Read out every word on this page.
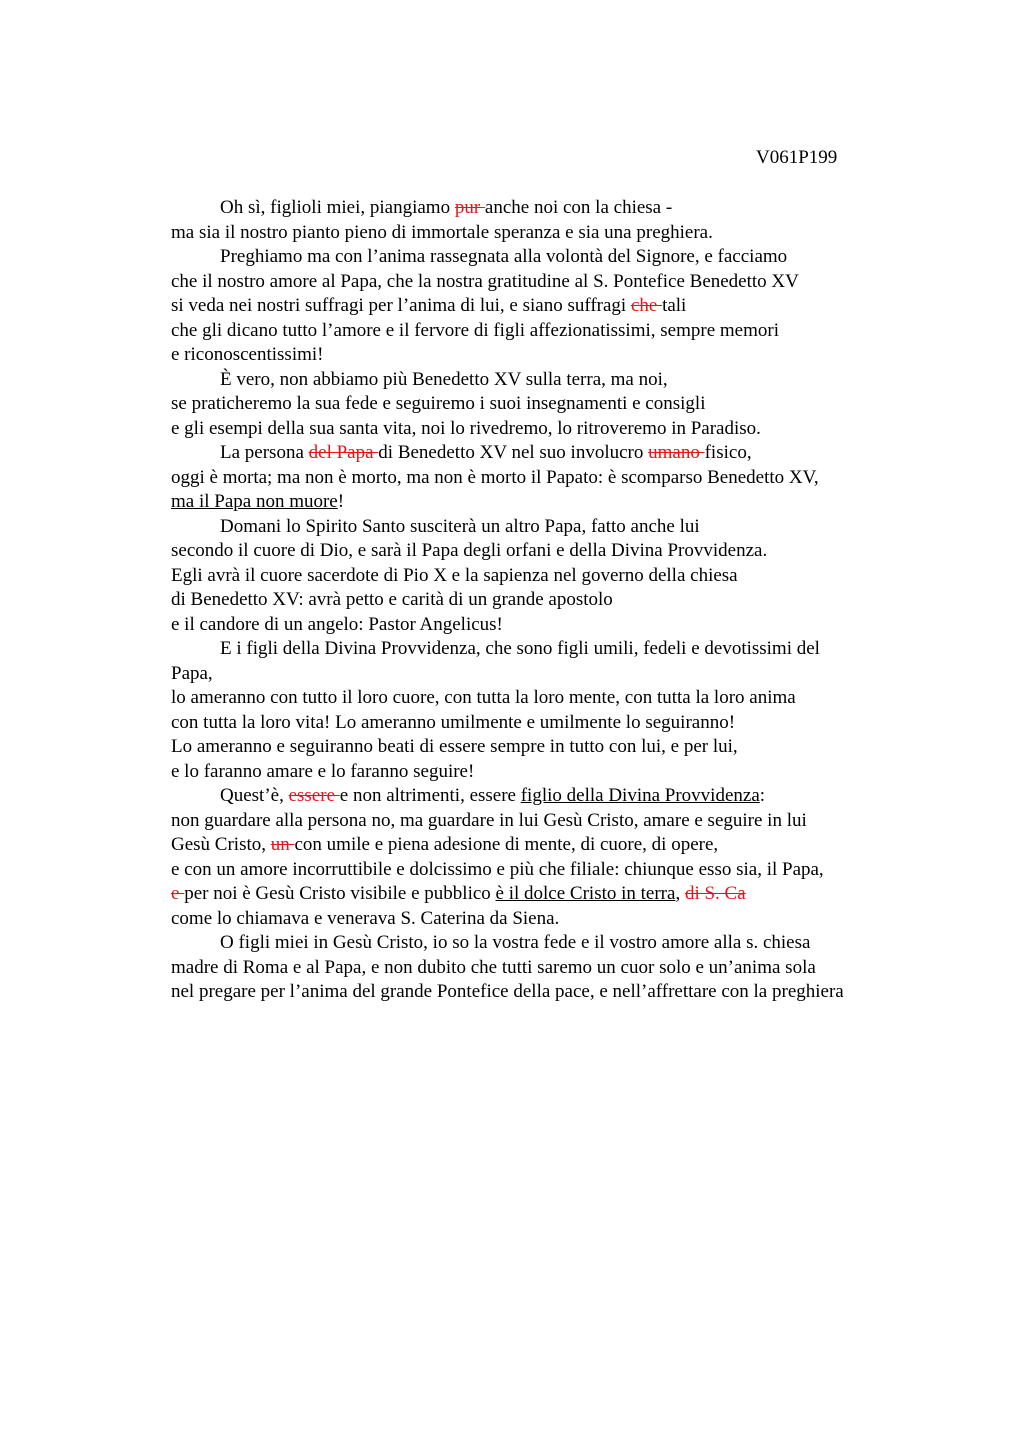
V061P199
Oh sì, figlioli miei, piangiamo pur anche noi con la chiesa -
ma sia il nostro pianto pieno di immortale speranza e sia una preghiera.
Preghiamo ma con l’anima rassegnata alla volontà del Signore, e facciamo
che il nostro amore al Papa, che la nostra gratitudine al S. Pontefice Benedetto XV
si veda nei nostri suffragi per l’anima di lui, e siano suffragi che tali
che gli dicano tutto l’amore e il fervore di figli affezionatissimi, sempre memori
e riconoscentissimi!
È vero, non abbiamo più Benedetto XV sulla terra, ma noi,
se praticheremo la sua fede e seguiremo i suoi insegnamenti e consigli
e gli esempi della sua santa vita, noi lo rivedremo, lo ritroveremo in Paradiso.
La persona del Papa di Benedetto XV nel suo involucro umano fisico,
oggi è morta; ma non è morto, ma non è morto il Papato: è scomparso Benedetto XV,
ma il Papa non muore!
Domani lo Spirito Santo susciterà un altro Papa, fatto anche lui
secondo il cuore di Dio, e sarà il Papa degli orfani e della Divina Provvidenza.
Egli avrà il cuore sacerdote di Pio X e la sapienza nel governo della chiesa
di Benedetto XV: avrà petto e carità di un grande apostolo
e il candore di un angelo: Pastor Angelicus!
E i figli della Divina Provvidenza, che sono figli umili, fedeli e devotissimi del
Papa,
lo ameranno con tutto il loro cuore, con tutta la loro mente, con tutta la loro anima
con tutta la loro vita! Lo ameranno umilmente e umilmente lo seguiranno!
Lo ameranno e seguiranno beati di essere sempre in tutto con lui, e per lui,
e lo faranno amare e lo faranno seguire!
Quest’è, essere e non altrimenti, essere figlio della Divina Provvidenza:
non guardare alla persona no, ma guardare in lui Gesù Cristo, amare e seguire in lui
Gesù Cristo, un con umile e piena adesione di mente, di cuore, di opere,
e con un amore incorruttibile e dolcissimo e più che filiale: chiunque esso sia, il Papa,
e per noi è Gesù Cristo visibile e pubblico è il dolce Cristo in terra, di S. Ca
come lo chiamava e venerava S. Caterina da Siena.
O figli miei in Gesù Cristo, io so la vostra fede e il vostro amore alla s. chiesa
madre di Roma e al Papa, e non dubito che tutti saremo un cuor solo e un’anima sola
nel pregare per l’anima del grande Pontefice della pace, e nell’affrettare con la preghiera
